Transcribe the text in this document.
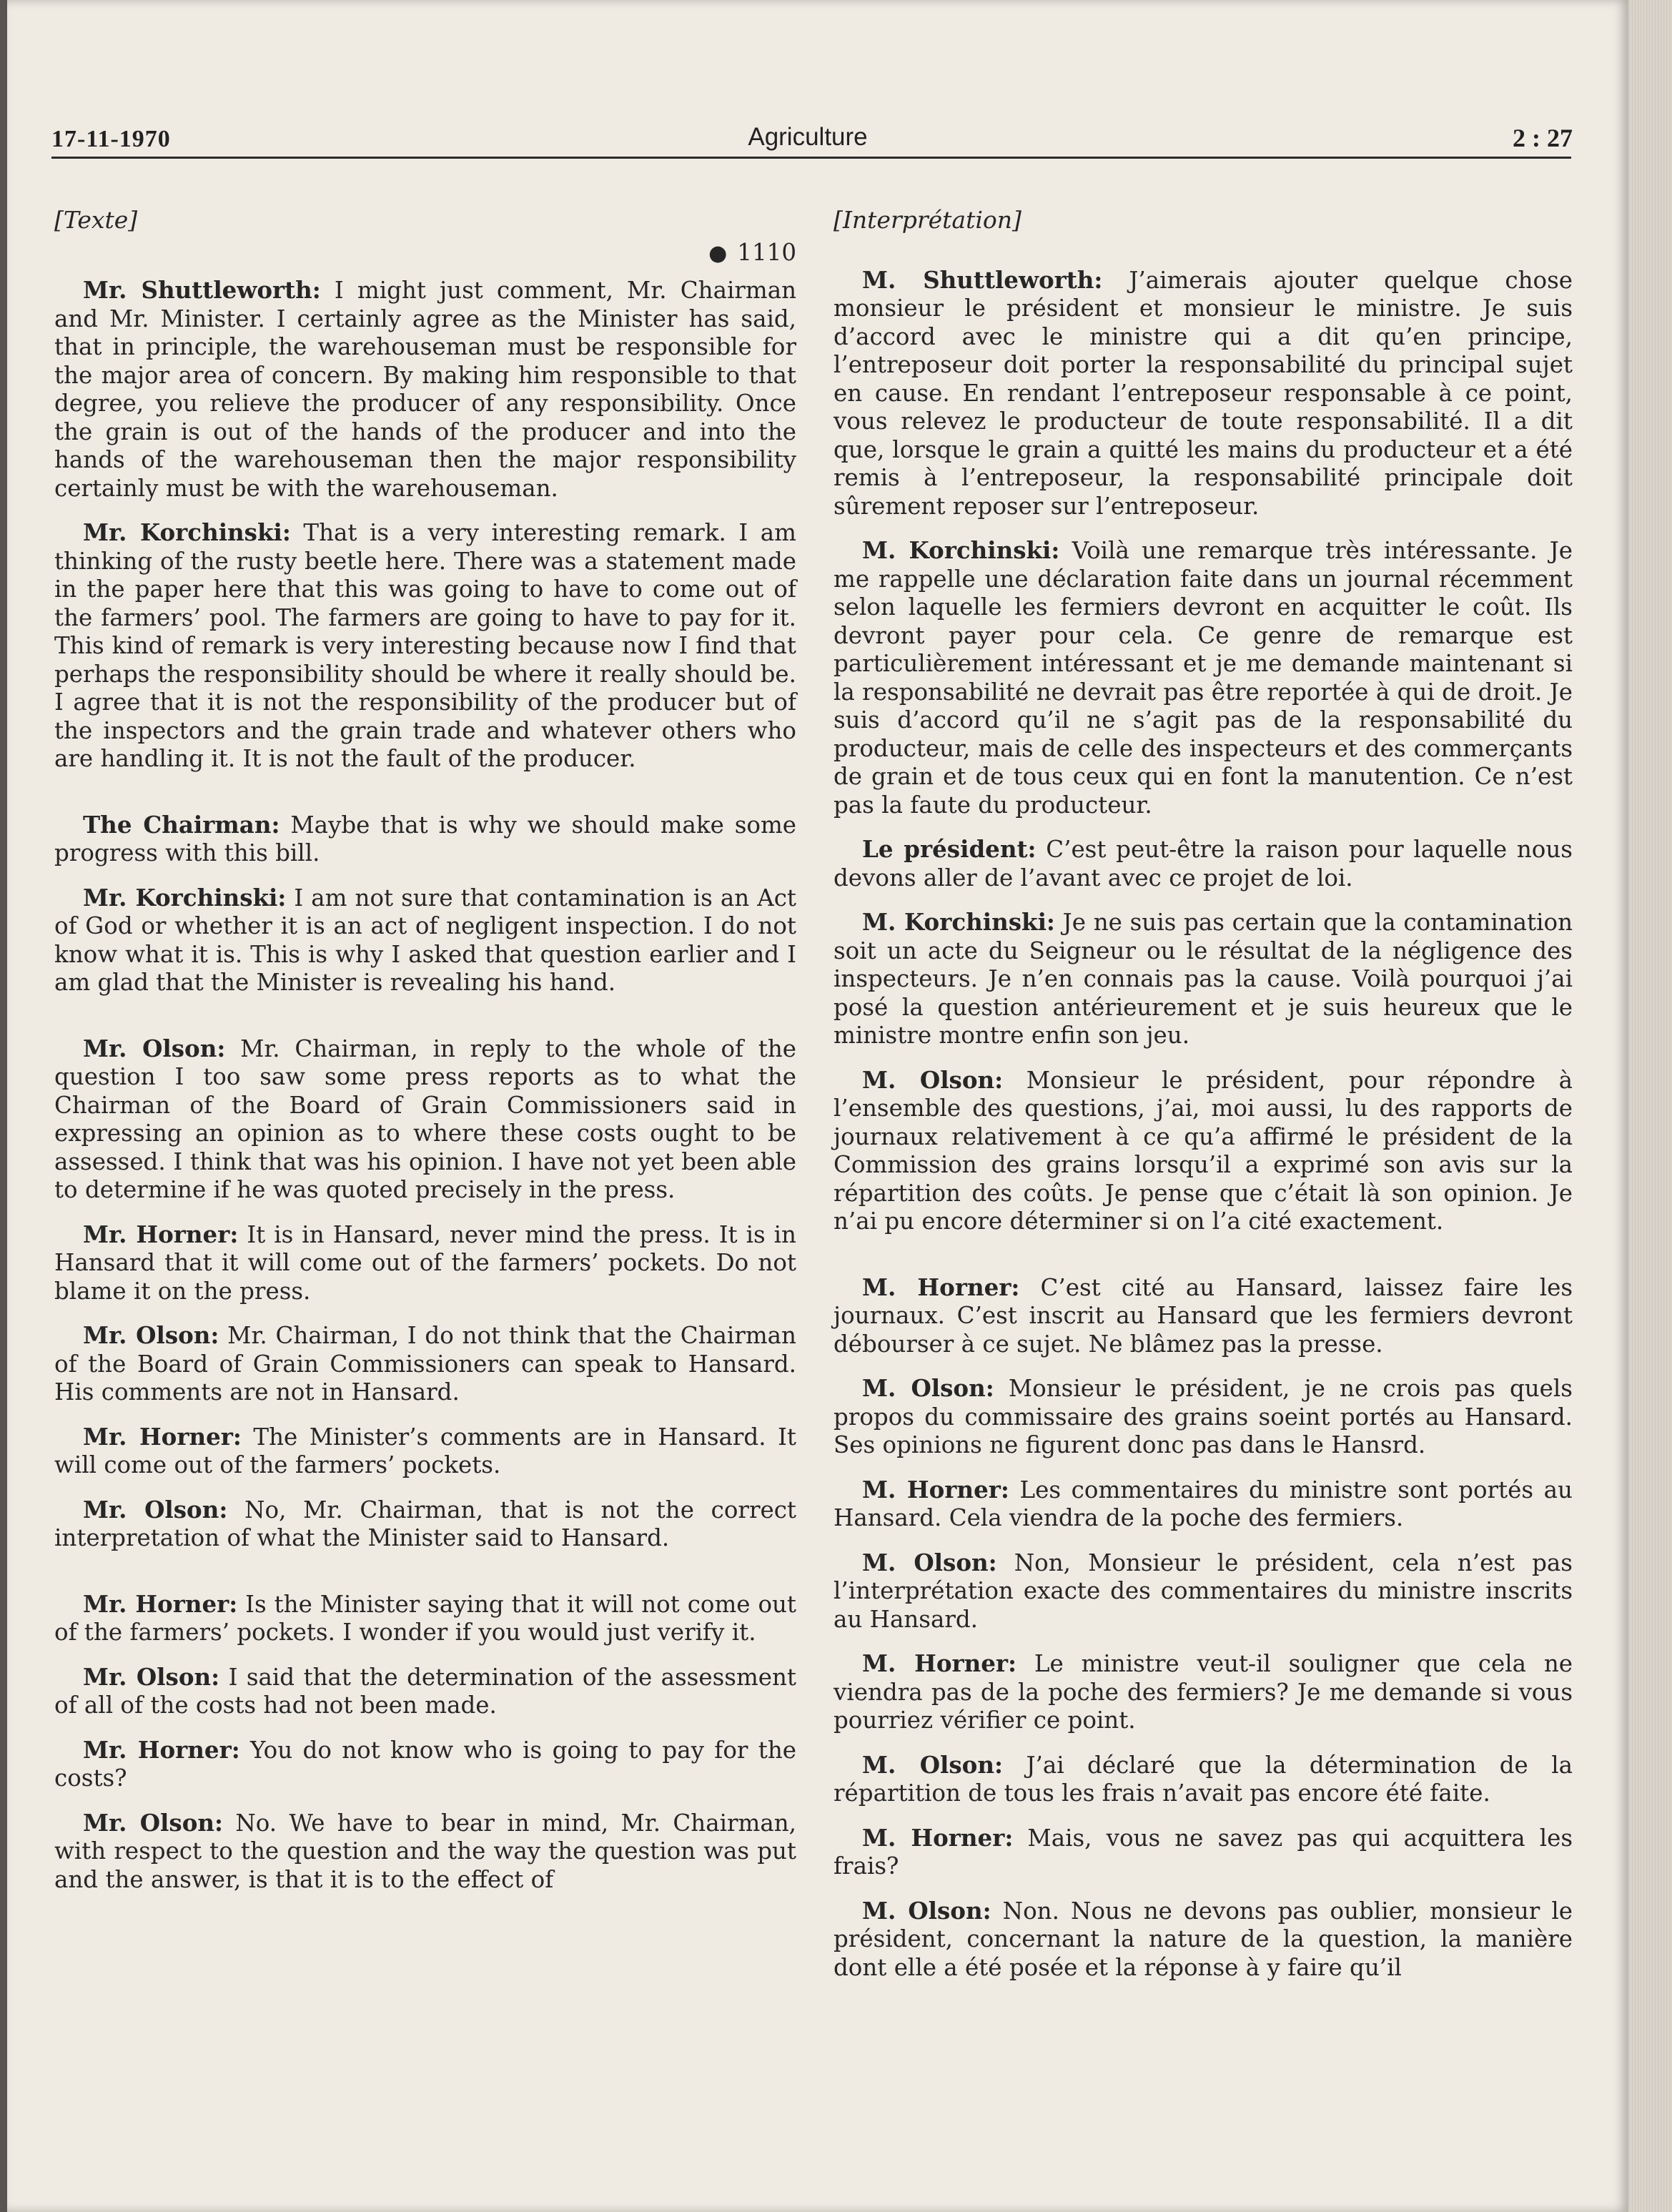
17-11-1970	Agriculture	2 : 27
[Texte]
● 1110

Mr. Shuttleworth: I might just comment, Mr. Chairman and Mr. Minister. I certainly agree as the Minister has said, that in principle, the warehouseman must be responsible for the major area of concern. By making him responsible to that degree, you relieve the producer of any responsibility. Once the grain is out of the hands of the producer and into the hands of the warehouseman then the major responsibility certainly must be with the warehouseman.

Mr. Korchinski: That is a very interesting remark. I am thinking of the rusty beetle here. There was a statement made in the paper here that this was going to have to come out of the farmers’ pool. The farmers are going to have to pay for it. This kind of remark is very interesting because now I find that perhaps the responsibility should be where it really should be. I agree that it is not the responsibility of the producer but of the inspectors and the grain trade and whatever others who are handling it. It is not the fault of the producer.

The Chairman: Maybe that is why we should make some progress with this bill.

Mr. Korchinski: I am not sure that contamination is an Act of God or whether it is an act of negligent inspection. I do not know what it is. This is why I asked that question earlier and I am glad that the Minister is revealing his hand.

Mr. Olson: Mr. Chairman, in reply to the whole of the question I too saw some press reports as to what the Chairman of the Board of Grain Commissioners said in expressing an opinion as to where these costs ought to be assessed. I think that was his opinion. I have not yet been able to determine if he was quoted precisely in the press.

Mr. Horner: It is in Hansard, never mind the press. It is in Hansard that it will come out of the farmers’ pockets. Do not blame it on the press.

Mr. Olson: Mr. Chairman, I do not think that the Chairman of the Board of Grain Commissioners can speak to Hansard. His comments are not in Hansard.

Mr. Horner: The Minister’s comments are in Hansard. It will come out of the farmers’ pockets.

Mr. Olson: No, Mr. Chairman, that is not the correct interpretation of what the Minister said to Hansard.

Mr. Horner: Is the Minister saying that it will not come out of the farmers’ pockets. I wonder if you would just verify it.

Mr. Olson: I said that the determination of the assessment of all of the costs had not been made.

Mr. Horner: You do not know who is going to pay for the costs?

Mr. Olson: No. We have to bear in mind, Mr. Chairman, with respect to the question and the way the question was put and the answer, is that it is to the effect of

[Interprétation]

M. Shuttleworth: J’aimerais ajouter quelque chose monsieur le président et monsieur le ministre. Je suis d’accord avec le ministre qui a dit qu’en principe, l’entreposeur doit porter la responsabilité du principal sujet en cause. En rendant l’entreposeur responsable à ce point, vous relevez le producteur de toute responsabilité. Il a dit que, lorsque le grain a quitté les mains du producteur et a été remis à l’entreposeur, la responsabilité principale doit sûrement reposer sur l’entreposeur.

M. Korchinski: Voilà une remarque très intéressante. Je me rappelle une déclaration faite dans un journal récemment selon laquelle les fermiers devront en acquitter le coût. Ils devront payer pour cela. Ce genre de remarque est particulièrement intéressant et je me demande maintenant si la responsabilité ne devrait pas être reportée à qui de droit. Je suis d’accord qu’il ne s’agit pas de la responsabilité du producteur, mais de celle des inspecteurs et des commerçants de grain et de tous ceux qui en font la manutention. Ce n’est pas la faute du producteur.

Le président: C’est peut-être la raison pour laquelle nous devons aller de l’avant avec ce projet de loi.

M. Korchinski: Je ne suis pas certain que la contamination soit un acte du Seigneur ou le résultat de la négligence des inspecteurs. Je n’en connais pas la cause. Voilà pourquoi j’ai posé la question antérieurement et je suis heureux que le ministre montre enfin son jeu.

M. Olson: Monsieur le président, pour répondre à l’ensemble des questions, j’ai, moi aussi, lu des rapports de journaux relativement à ce qu’a affirmé le président de la Commission des grains lorsqu’il a exprimé son avis sur la répartition des coûts. Je pense que c’était là son opinion. Je n’ai pu encore déterminer si on l’a cité exactement.

M. Horner: C’est cité au Hansard, laissez faire les journaux. C’est inscrit au Hansard que les fermiers devront débourser à ce sujet. Ne blâmez pas la presse.

M. Olson: Monsieur le président, je ne crois pas quels propos du commissaire des grains soeint portés au Hansard. Ses opinions ne figurent donc pas dans le Hansrd.

M. Horner: Les commentaires du ministre sont portés au Hansard. Cela viendra de la poche des fermiers.

M. Olson: Non, Monsieur le président, cela n’est pas l’interprétation exacte des commentaires du ministre inscrits au Hansard.

M. Horner: Le ministre veut-il souligner que cela ne viendra pas de la poche des fermiers? Je me demande si vous pourriez vérifier ce point.

M. Olson: J’ai déclaré que la détermination de la répartition de tous les frais n’avait pas encore été faite.

M. Horner: Mais, vous ne savez pas qui acquittera les frais?

M. Olson: Non. Nous ne devons pas oublier, monsieur le président, concernant la nature de la question, la manière dont elle a été posée et la réponse à y faire qu’il
